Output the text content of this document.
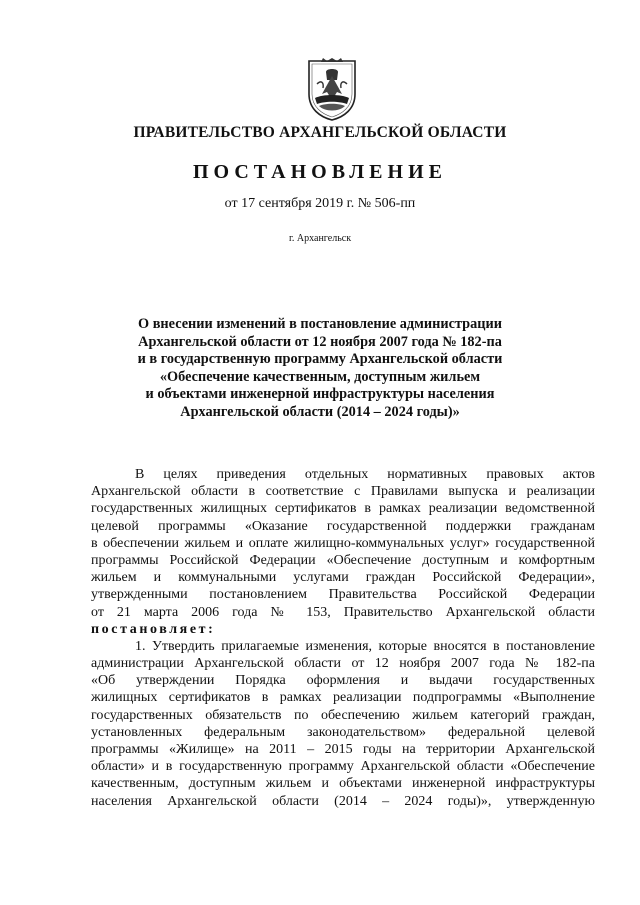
ПРАВИТЕЛЬСТВО АРХАНГЕЛЬСКОЙ ОБЛАСТИ
ПОСТАНОВЛЕНИЕ
от 17 сентября 2019 г. № 506-пп
г. Архангельск
О внесении изменений в постановление администрации
Архангельской области от 12 ноября 2007 года № 182-па
и в государственную программу Архангельской области
«Обеспечение качественным, доступным жильем
и объектами инженерной инфраструктуры населения
Архангельской области (2014 – 2024 годы)»
В целях приведения отдельных нормативных правовых актов
Архангельской области в соответствие с Правилами выпуска и реализации
государственных жилищных сертификатов в рамках реализации ведомственной
целевой программы «Оказание государственной поддержки гражданам
в обеспечении жильем и оплате жилищно-коммунальных услуг» государственной
программы Российской Федерации «Обеспечение доступным и комфортным
жильем и коммунальными услугами граждан Российской Федерации»,
утвержденными постановлением Правительства Российской Федерации
от 21 марта 2006 года № 153, Правительство Архангельской области
постановляет:
1. Утвердить прилагаемые изменения, которые вносятся в постановление
администрации Архангельской области от 12 ноября 2007 года № 182-па
«Об утверждении Порядка оформления и выдачи государственных
жилищных сертификатов в рамках реализации подпрограммы «Выполнение
государственных обязательств по обеспечению жильем категорий граждан,
установленных федеральным законодательством» федеральной целевой
программы «Жилище» на 2011 – 2015 годы на территории Архангельской
области» и в государственную программу Архангельской области «Обеспечение
качественным, доступным жильем и объектами инженерной инфраструктуры
населения Архангельской области (2014 – 2024 годы)», утвержденную
